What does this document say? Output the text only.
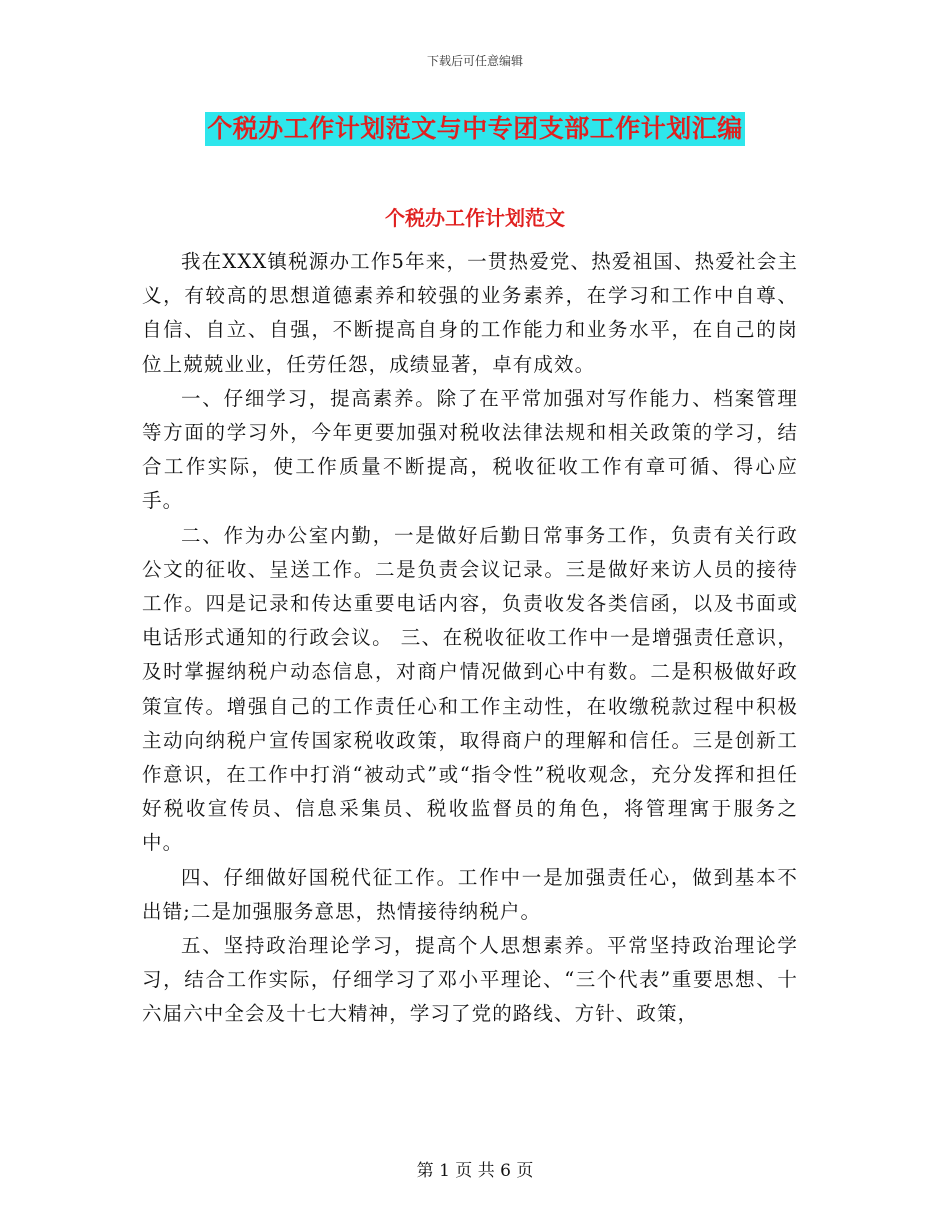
下载后可任意编辑
个税办工作计划范文与中专团支部工作计划汇编
个税办工作计划范文

我在XXX镇税源办工作5年来，一贯热爱党、热爱祖国、热爱社会主义，有较高的思想道德素养和较强的业务素养，在学习和工作中自尊、自信、自立、自强，不断提高自身的工作能力和业务水平，在自己的岗位上兢兢业业，任劳任怨，成绩显著，卓有成效。

一、仔细学习，提高素养。除了在平常加强对写作能力、档案管理等方面的学习外，今年更要加强对税收法律法规和相关政策的学习，结合工作实际，使工作质量不断提高，税收征收工作有章可循、得心应手。

二、作为办公室内勤，一是做好后勤日常事务工作，负责有关行政公文的征收、呈送工作。二是负责会议记录。三是做好来访人员的接待工作。四是记录和传达重要电话内容，负责收发各类信函，以及书面或电话形式通知的行政会议。 三、在税收征收工作中一是增强责任意识，及时掌握纳税户动态信息，对商户情况做到心中有数。二是积极做好政策宣传。增强自己的工作责任心和工作主动性，在收缴税款过程中积极主动向纳税户宣传国家税收政策，取得商户的理解和信任。三是创新工作意识，在工作中打消“被动式”或“指令性”税收观念，充分发挥和担任好税收宣传员、信息采集员、税收监督员的角色，将管理寓于服务之中。

四、仔细做好国税代征工作。工作中一是加强责任心，做到基本不出错;二是加强服务意思，热情接待纳税户。

五、坚持政治理论学习，提高个人思想素养。平常坚持政治理论学习，结合工作实际，仔细学习了邓小平理论、“三个代表”重要思想、十六届六中全会及十七大精神，学习了党的路线、方针、政策，

第 1 页 共 6 页
